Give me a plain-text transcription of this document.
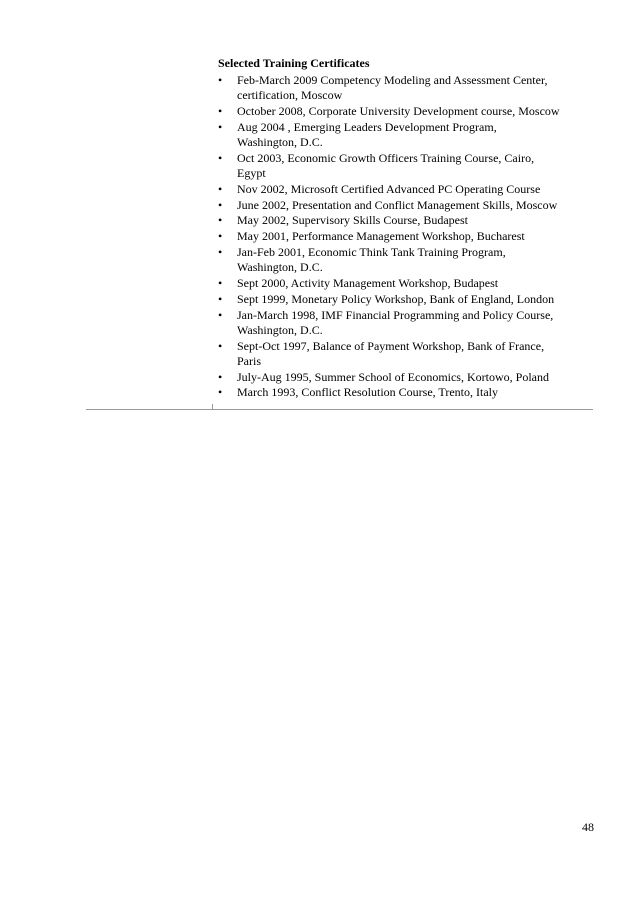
Selected Training Certificates
•	Feb-March 2009 Competency Modeling and Assessment Center,
certification, Moscow
•	October 2008, Corporate University Development course, Moscow
•	Aug 2004 , Emerging Leaders Development Program,
Washington, D.C.
•	Oct 2003, Economic Growth Officers Training Course, Cairo,
Egypt
•	Nov 2002, Microsoft Certified Advanced PC Operating Course
•	June 2002, Presentation and Conflict Management Skills, Moscow
•	May 2002, Supervisory Skills Course, Budapest
•	May 2001, Performance Management Workshop, Bucharest
•	Jan-Feb 2001, Economic Think Tank Training Program,
Washington, D.C.
•	Sept 2000, Activity Management Workshop, Budapest
•	Sept 1999, Monetary Policy Workshop, Bank of England, London
•	Jan-March 1998, IMF Financial Programming and Policy Course,
Washington, D.C.
•	Sept-Oct 1997, Balance of Payment Workshop, Bank of France,
Paris
•	July-Aug 1995, Summer School of Economics, Kortowo, Poland
•	March 1993, Conflict Resolution Course, Trento, Italy
48
